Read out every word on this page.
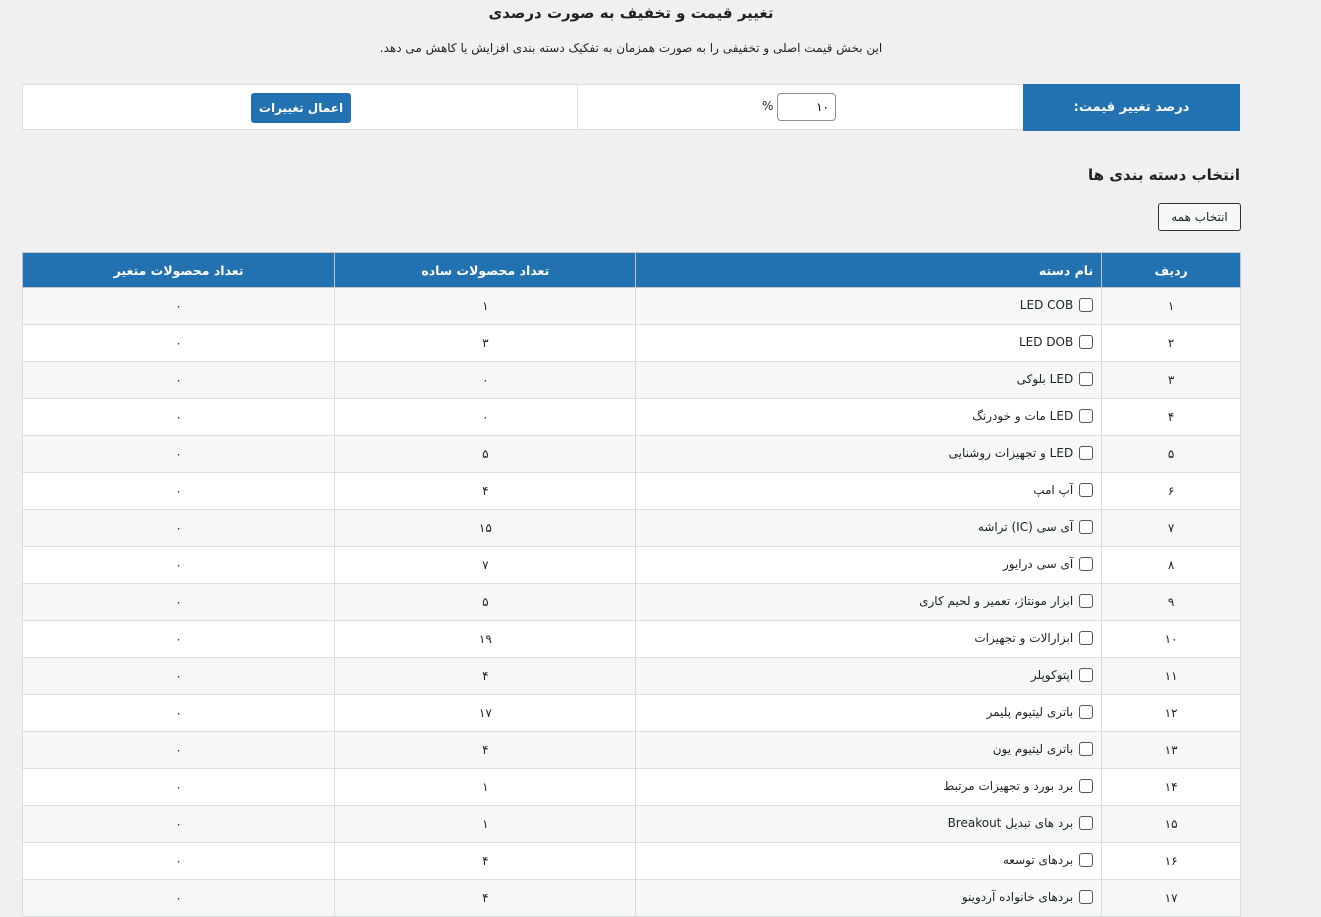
تغییر قیمت و تخفیف به صورت درصدی
این بخش قیمت اصلی و تخفیفی را به صورت همزمان به تفکیک دسته بندی افزایش یا کاهش می دهد.
درصد تغییر قیمت:
۱۰
%
اعمال تغییرات
انتخاب دسته بندی ها
انتخاب همه
ردیف	نام دسته	تعداد محصولات ساده	تعداد محصولات متغیر
۱	LED COB	۱	۰
۲	LED DOB	۳	۰
۳	LED بلوکی	۰	۰
۴	LED مات و خودرنگ	۰	۰
۵	LED و تجهیزات روشنایی	۵	۰
۶	آپ امپ	۴	۰
۷	آی سی (IC) تراشه	۱۵	۰
۸	آی سی درایور	۷	۰
۹	ابزار مونتاژ، تعمیر و لحیم کاری	۵	۰
۱۰	ابزارالات و تجهیزات	۱۹	۰
۱۱	اپتوکوپلر	۴	۰
۱۲	باتری لیتیوم پلیمر	۱۷	۰
۱۳	باتری لیتیوم یون	۴	۰
۱۴	برد بورد و تجهیزات مرتبط	۱	۰
۱۵	برد های تبدیل Breakout	۱	۰
۱۶	بردهای توسعه	۴	۰
۱۷	بردهای خانواده آردوینو	۴	۰
